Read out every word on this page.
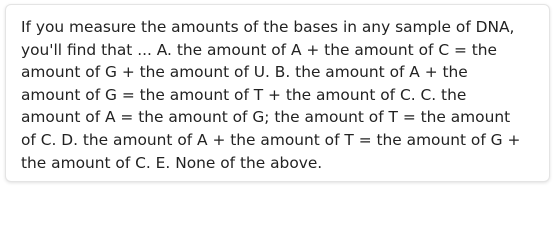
If you measure the amounts of the bases in any sample of DNA,
you'll find that ... A. the amount of A + the amount of C = the
amount of G + the amount of U. B. the amount of A + the
amount of G = the amount of T + the amount of C. C. the
amount of A = the amount of G; the amount of T = the amount
of C. D. the amount of A + the amount of T = the amount of G +
the amount of C. E. None of the above.
